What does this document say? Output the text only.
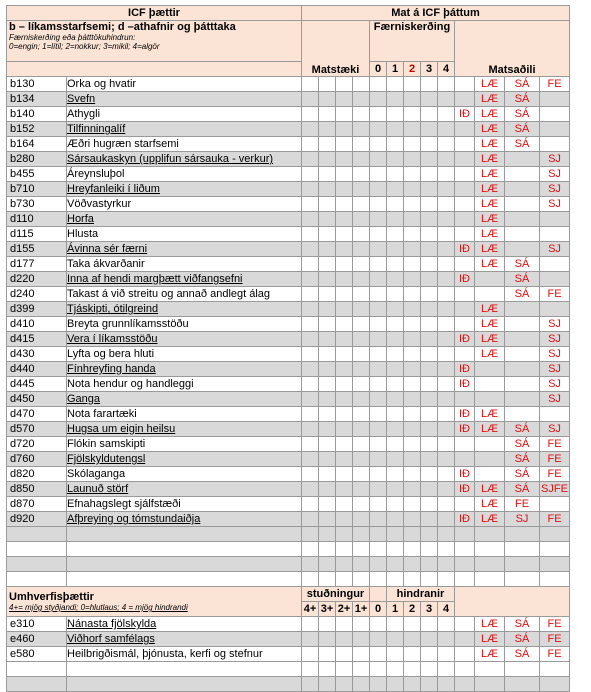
ICF þættir		Mat á ICF þáttum												

b – líkamsstarfsemi; d –athafnir og þátttaka
Færniskerðing eða þátttökuhindrun:
0=engin; 1=lítil; 2=nokkur; 3=mikil; 4=algör		Matstæki				Færniskerðing					Matsaðili			
						0	1	2	3	4				
b130	Orka og hvatir											LÆ	SÁ	FE
b134	Svefn											LÆ	SÁ	
b140	Athygli										IÐ	LÆ	SÁ	
b152	Tilfinningalíf											LÆ	SÁ	
b164	Æðri hugræn starfsemi											LÆ	SÁ	
b280	Sársaukaskyn (upplifun sársauka - verkur)											LÆ		SJ
b455	Áreynsluþol											LÆ		SJ
b710	Hreyfanleiki í liðum											LÆ		SJ
b730	Vöðvastyrkur											LÆ		SJ
d110	Horfa											LÆ		
d115	Hlusta											LÆ		
d155	Ávinna sér færni										IÐ	LÆ		SJ
d177	Taka ákvarðanir											LÆ	SÁ	
d220	Inna af hendi margþætt viðfangsefni										IÐ		SÁ	
d240	Takast á við streitu og annað andlegt álag												SÁ	FE
d399	Tjáskipti, ótilgreind											LÆ		
d410	Breyta grunnlíkamsstöðu											LÆ		SJ
d415	Vera í líkamsstöðu										IÐ	LÆ		SJ
d430	Lyfta og bera hluti											LÆ		SJ
d440	Fínhreyfing handa										IÐ			SJ
d445	Nota hendur og handleggi										IÐ			SJ
d450	Ganga													SJ
d470	Nota farartæki										IÐ	LÆ		
d570	Hugsa um eigin heilsu										IÐ	LÆ	SÁ	SJ
d720	Flókin samskipti												SÁ	FE
d760	Fjölskyldutengsl												SÁ	FE
d820	Skólaganga										IÐ		SÁ	FE
d850	Launuð störf										IÐ	LÆ	SÁ	SJFE
d870	Efnahagslegt sjálfstæði											LÆ	FE	
d920	Afþreying og tómstundaiðja										IÐ	LÆ	SJ	FE

Umhverfisþættir
4+= mjög styðjandi; 0=hlutlaus; 4 = mjög hindrandi		stuðningur					hindranir							
		4+	3+	2+	1+	0	1	2	3	4				
e310	Nánasta fjölskylda											LÆ	SÁ	FE
e460	Viðhorf samfélags											LÆ	SÁ	FE
e580	Heilbrigðismál, þjónusta, kerfi og stefnur											LÆ	SÁ	FE
